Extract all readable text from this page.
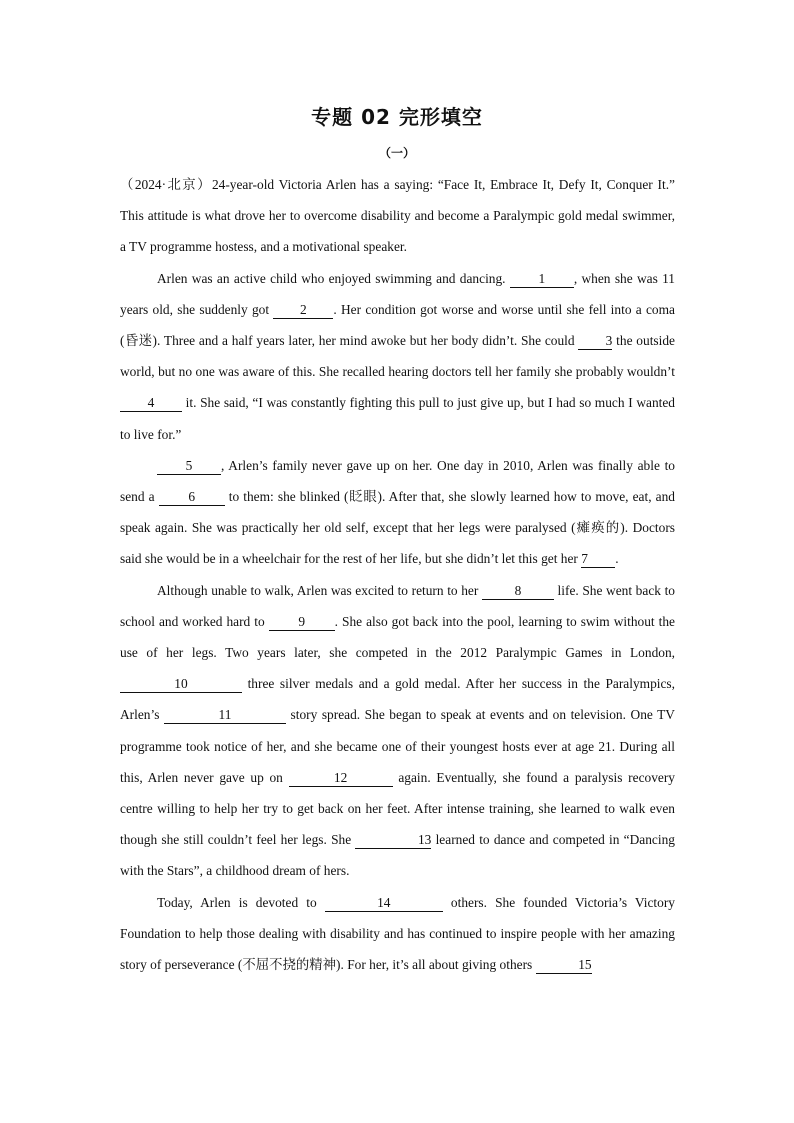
专题 02 完形填空
（一）

（2024·北京）24-year-old Victoria Arlen has a saying: “Face It, Embrace It, Defy It, Conquer It.” This attitude is what drove her to overcome disability and become a Paralympic gold medal swimmer, a TV programme hostess, and a motivational speaker.

Arlen was an active child who enjoyed swimming and dancing. 1 , when she was 11 years old, she suddenly got 2 . Her condition got worse and worse until she fell into a coma (昏迷). Three and a half years later, her mind awoke but her body didn’t. She could 3 the outside world, but no one was aware of this. She recalled hearing doctors tell her family she probably wouldn’t 4 it. She said, “I was constantly fighting this pull to just give up, but I had so much I wanted to live for.”

5 , Arlen’s family never gave up on her. One day in 2010, Arlen was finally able to send a 6 to them: she blinked (眨眼). After that, she slowly learned how to move, eat, and speak again. She was practically her old self, except that her legs were paralysed (瘫痪的). Doctors said she would be in a wheelchair for the rest of her life, but she didn’t let this get her 7 .

Although unable to walk, Arlen was excited to return to her 8 life. She went back to school and worked hard to 9 . She also got back into the pool, learning to swim without the use of her legs. Two years later, she competed in the 2012 Paralympic Games in London, 10	three silver medals and a gold medal. After her success in the Paralympics, Arlen’s	11	story spread. She began to speak at events and on television. One TV programme took notice of her, and she became one of their youngest hosts ever at age 21. During all this, Arlen never gave up on	12	again. Eventually, she found a paralysis recovery centre willing to help her try to get back on her feet. After intense training, she learned to walk even though she still couldn’t feel her legs. She	13 learned to dance and competed in “Dancing with the Stars”, a childhood dream of hers.

Today, Arlen is devoted to	14	others. She founded Victoria’s Victory Foundation to help those dealing with disability and has continued to inspire people with her amazing story of perseverance (不屈不挠的精神). For her, it’s all about giving others	15
